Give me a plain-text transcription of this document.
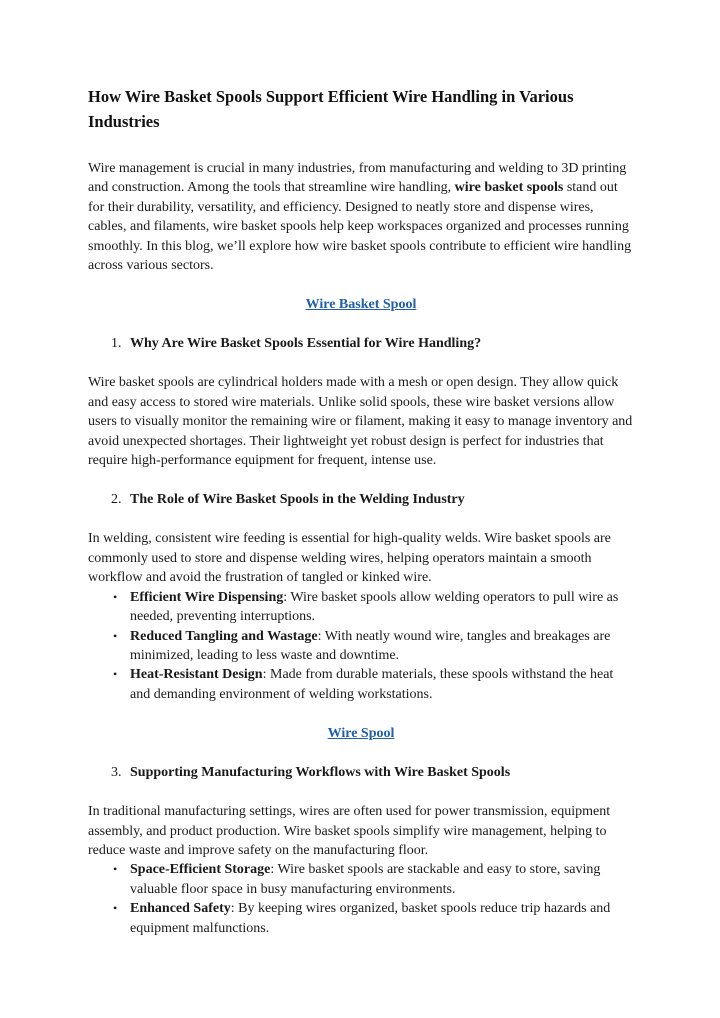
How Wire Basket Spools Support Efficient Wire Handling in Various Industries

Wire management is crucial in many industries, from manufacturing and welding to 3D printing and construction. Among the tools that streamline wire handling, wire basket spools stand out for their durability, versatility, and efficiency. Designed to neatly store and dispense wires, cables, and filaments, wire basket spools help keep workspaces organized and processes running smoothly. In this blog, we’ll explore how wire basket spools contribute to efficient wire handling across various sectors.

Wire Basket Spool
1. Why Are Wire Basket Spools Essential for Wire Handling?

Wire basket spools are cylindrical holders made with a mesh or open design. They allow quick and easy access to stored wire materials. Unlike solid spools, these wire basket versions allow users to visually monitor the remaining wire or filament, making it easy to manage inventory and avoid unexpected shortages. Their lightweight yet robust design is perfect for industries that require high-performance equipment for frequent, intense use.

2. The Role of Wire Basket Spools in the Welding Industry

In welding, consistent wire feeding is essential for high-quality welds. Wire basket spools are commonly used to store and dispense welding wires, helping operators maintain a smooth workflow and avoid the frustration of tangled or kinked wire.

• Efficient Wire Dispensing: Wire basket spools allow welding operators to pull wire as needed, preventing interruptions.
• Reduced Tangling and Wastage: With neatly wound wire, tangles and breakages are minimized, leading to less waste and downtime.
• Heat-Resistant Design: Made from durable materials, these spools withstand the heat and demanding environment of welding workstations.
Wire Spool
3. Supporting Manufacturing Workflows with Wire Basket Spools

In traditional manufacturing settings, wires are often used for power transmission, equipment assembly, and product production. Wire basket spools simplify wire management, helping to reduce waste and improve safety on the manufacturing floor.

• Space-Efficient Storage: Wire basket spools are stackable and easy to store, saving valuable floor space in busy manufacturing environments.
• Enhanced Safety: By keeping wires organized, basket spools reduce trip hazards and equipment malfunctions.
